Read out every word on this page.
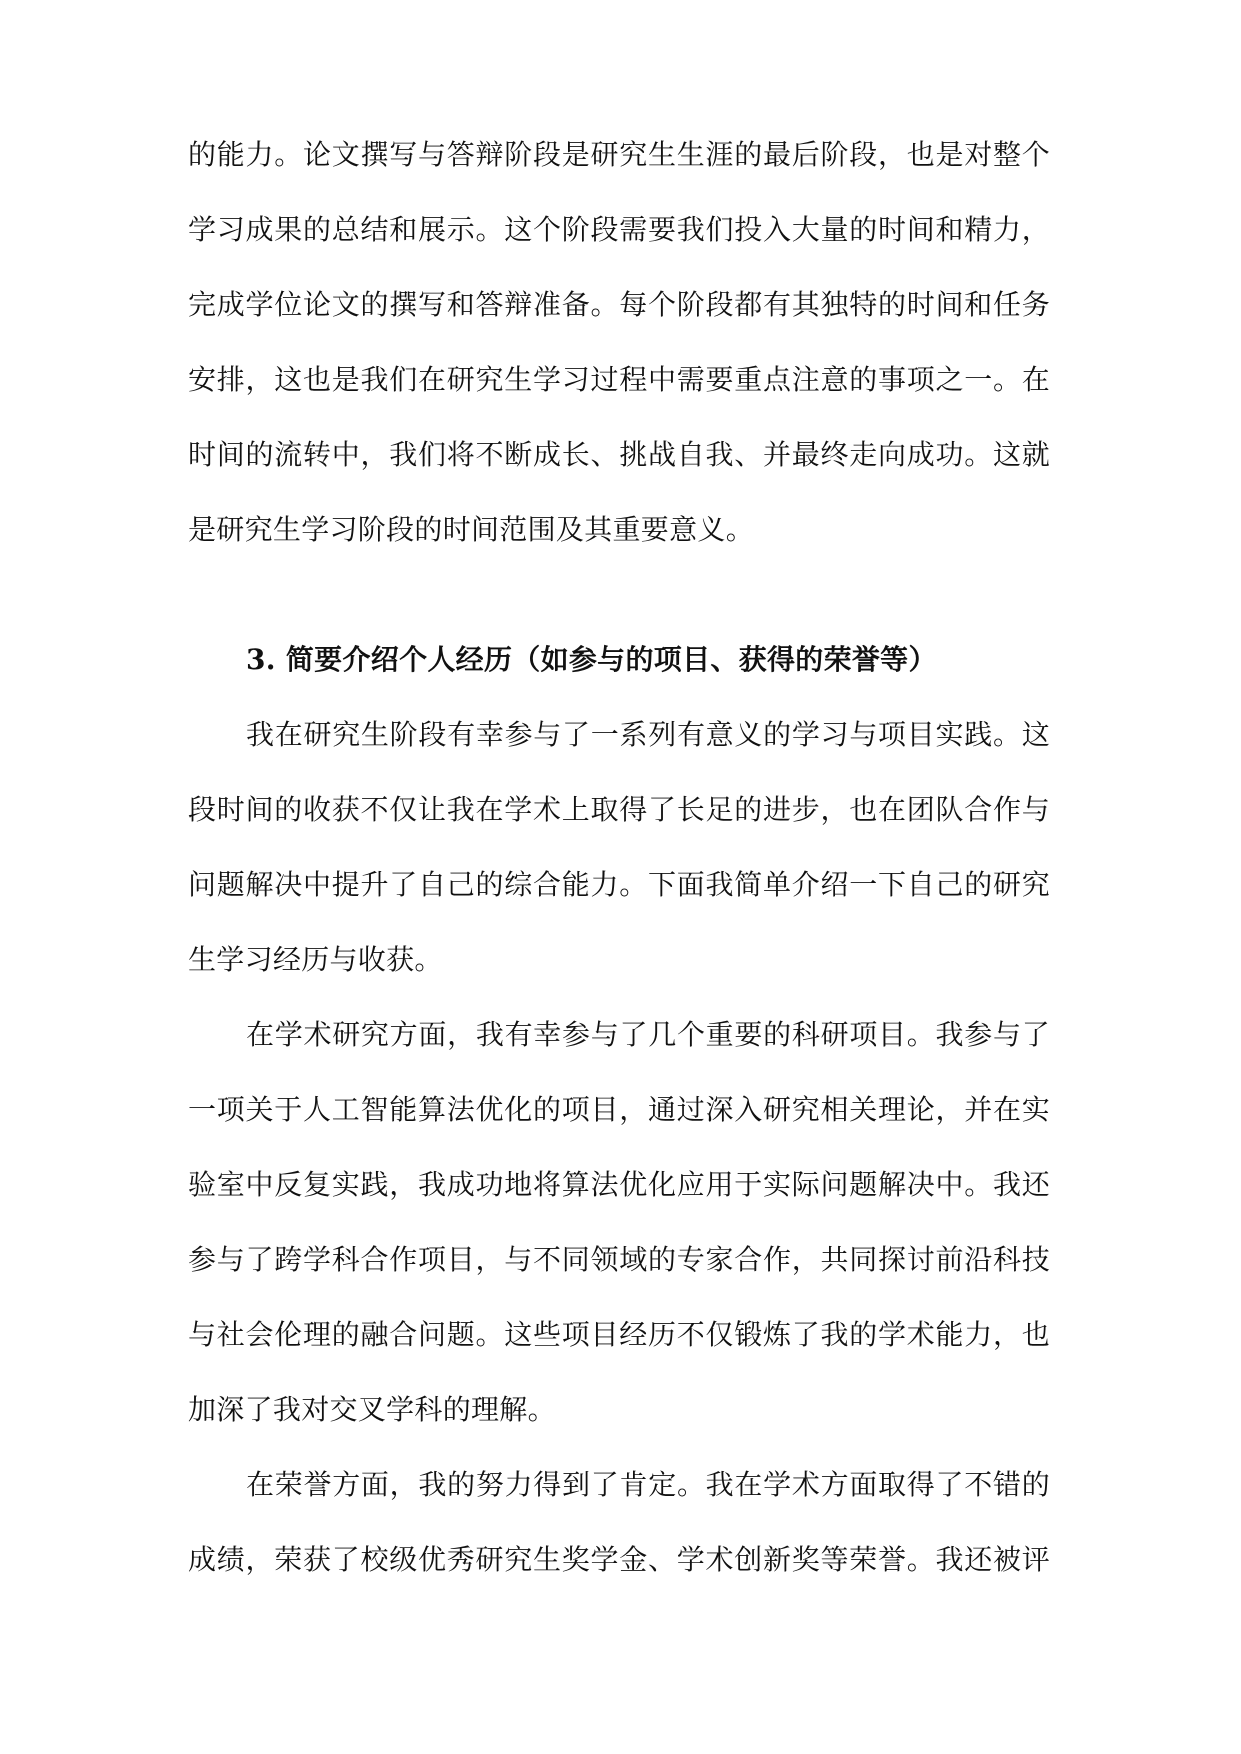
的能力。论文撰写与答辩阶段是研究生生涯的最后阶段，也是对整个
学习成果的总结和展示。这个阶段需要我们投入大量的时间和精力，
完成学位论文的撰写和答辩准备。每个阶段都有其独特的时间和任务
安排，这也是我们在研究生学习过程中需要重点注意的事项之一。在
时间的流转中，我们将不断成长、挑战自我、并最终走向成功。这就
是研究生学习阶段的时间范围及其重要意义。
3. 简要介绍个人经历（如参与的项目、获得的荣誉等）
我在研究生阶段有幸参与了一系列有意义的学习与项目实践。这
段时间的收获不仅让我在学术上取得了长足的进步，也在团队合作与
问题解决中提升了自己的综合能力。下面我简单介绍一下自己的研究
生学习经历与收获。
在学术研究方面，我有幸参与了几个重要的科研项目。我参与了
一项关于人工智能算法优化的项目，通过深入研究相关理论，并在实
验室中反复实践，我成功地将算法优化应用于实际问题解决中。我还
参与了跨学科合作项目，与不同领域的专家合作，共同探讨前沿科技
与社会伦理的融合问题。这些项目经历不仅锻炼了我的学术能力，也
加深了我对交叉学科的理解。
在荣誉方面，我的努力得到了肯定。我在学术方面取得了不错的
成绩，荣获了校级优秀研究生奖学金、学术创新奖等荣誉。我还被评
